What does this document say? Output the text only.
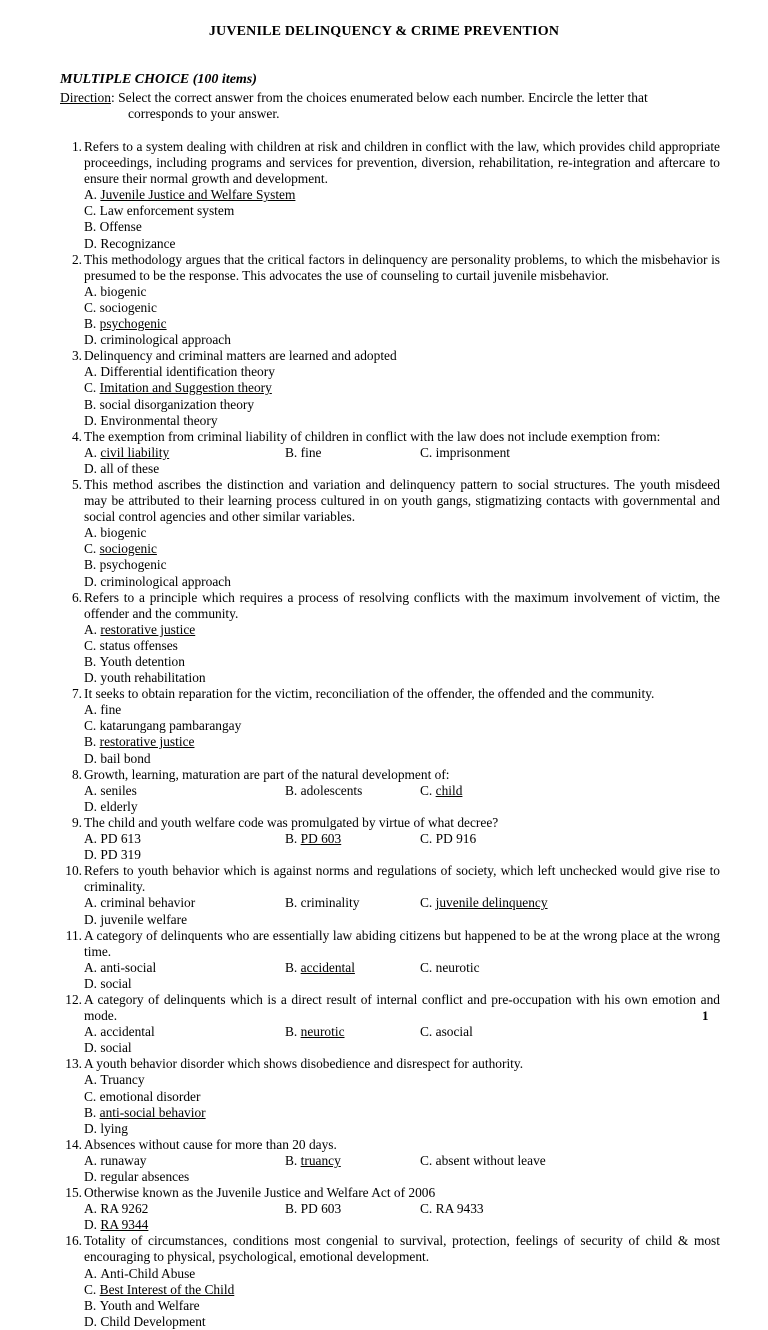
JUVENILE DELINQUENCY & CRIME PREVENTION
MULTIPLE CHOICE (100 items)
Direction: Select the correct answer from the choices enumerated below each number. Encircle the letter that
corresponds to your answer.
1. Refers to a system dealing with children at risk and children in conflict with the law, which provides child appropriate proceedings, including programs and services for prevention, diversion, rehabilitation, re-integration and aftercare to ensure their normal growth and development.
A. Juvenile Justice and Welfare System
C. Law enforcement system
B. Offense
D. Recognizance
2. This methodology argues that the critical factors in delinquency are personality problems, to which the misbehavior is presumed to be the response. This advocates the use of counseling to curtail juvenile misbehavior.
A. biogenic
C. sociogenic
B. psychogenic
D. criminological approach
3. Delinquency and criminal matters are learned and adopted
A. Differential identification theory
C. Imitation and Suggestion theory
B. social disorganization theory
D. Environmental theory
4. The exemption from criminal liability of children in conflict with the law does not include exemption from:
A. civil liability	B. fine	C. imprisonment
D. all of these
5. This method ascribes the distinction and variation and delinquency pattern to social structures. The youth misdeed may be attributed to their learning process cultured in on youth gangs, stigmatizing contacts with governmental and social control agencies and other similar variables.
A. biogenic
C. sociogenic
B. psychogenic
D. criminological approach
6. Refers to a principle which requires a process of resolving conflicts with the maximum involvement of victim, the offender and the community.
A. restorative justice
C. status offenses
B. Youth detention
D. youth rehabilitation
7. It seeks to obtain reparation for the victim, reconciliation of the offender, the offended and the community.
A. fine
C. katarungang pambarangay
B. restorative justice
D. bail bond
8. Growth, learning, maturation are part of the natural development of:
A. seniles	B. adolescents	C. child
D. elderly
9. The child and youth welfare code was promulgated by virtue of what decree?
A. PD 613	B. PD 603	C. PD 916
D. PD 319
10. Refers to youth behavior which is against norms and regulations of society, which left unchecked would give rise to criminality.
A. criminal behavior	B. criminality	C. juvenile delinquency
D. juvenile welfare
11. A category of delinquents who are essentially law abiding citizens but happened to be at the wrong place at the wrong time.
A. anti-social	B. accidental	C. neurotic
D. social
12. A category of delinquents which is a direct result of internal conflict and pre-occupation with his own emotion and mode.
A. accidental	B. neurotic	C. asocial
D. social
13. A youth behavior disorder which shows disobedience and disrespect for authority.
A. Truancy
C. emotional disorder
B. anti-social behavior
D. lying
14. Absences without cause for more than 20 days.
A. runaway	B. truancy	C. absent without leave
D. regular absences
15. Otherwise known as the Juvenile Justice and Welfare Act of 2006
A. RA 9262	B. PD 603	C. RA 9433
D. RA 9344
16. Totality of circumstances, conditions most congenial to survival, protection, feelings of security of child & most encouraging to physical, psychological, emotional development.
A. Anti-Child Abuse
C. Best Interest of the Child
B. Youth and Welfare
D. Child Development
1
